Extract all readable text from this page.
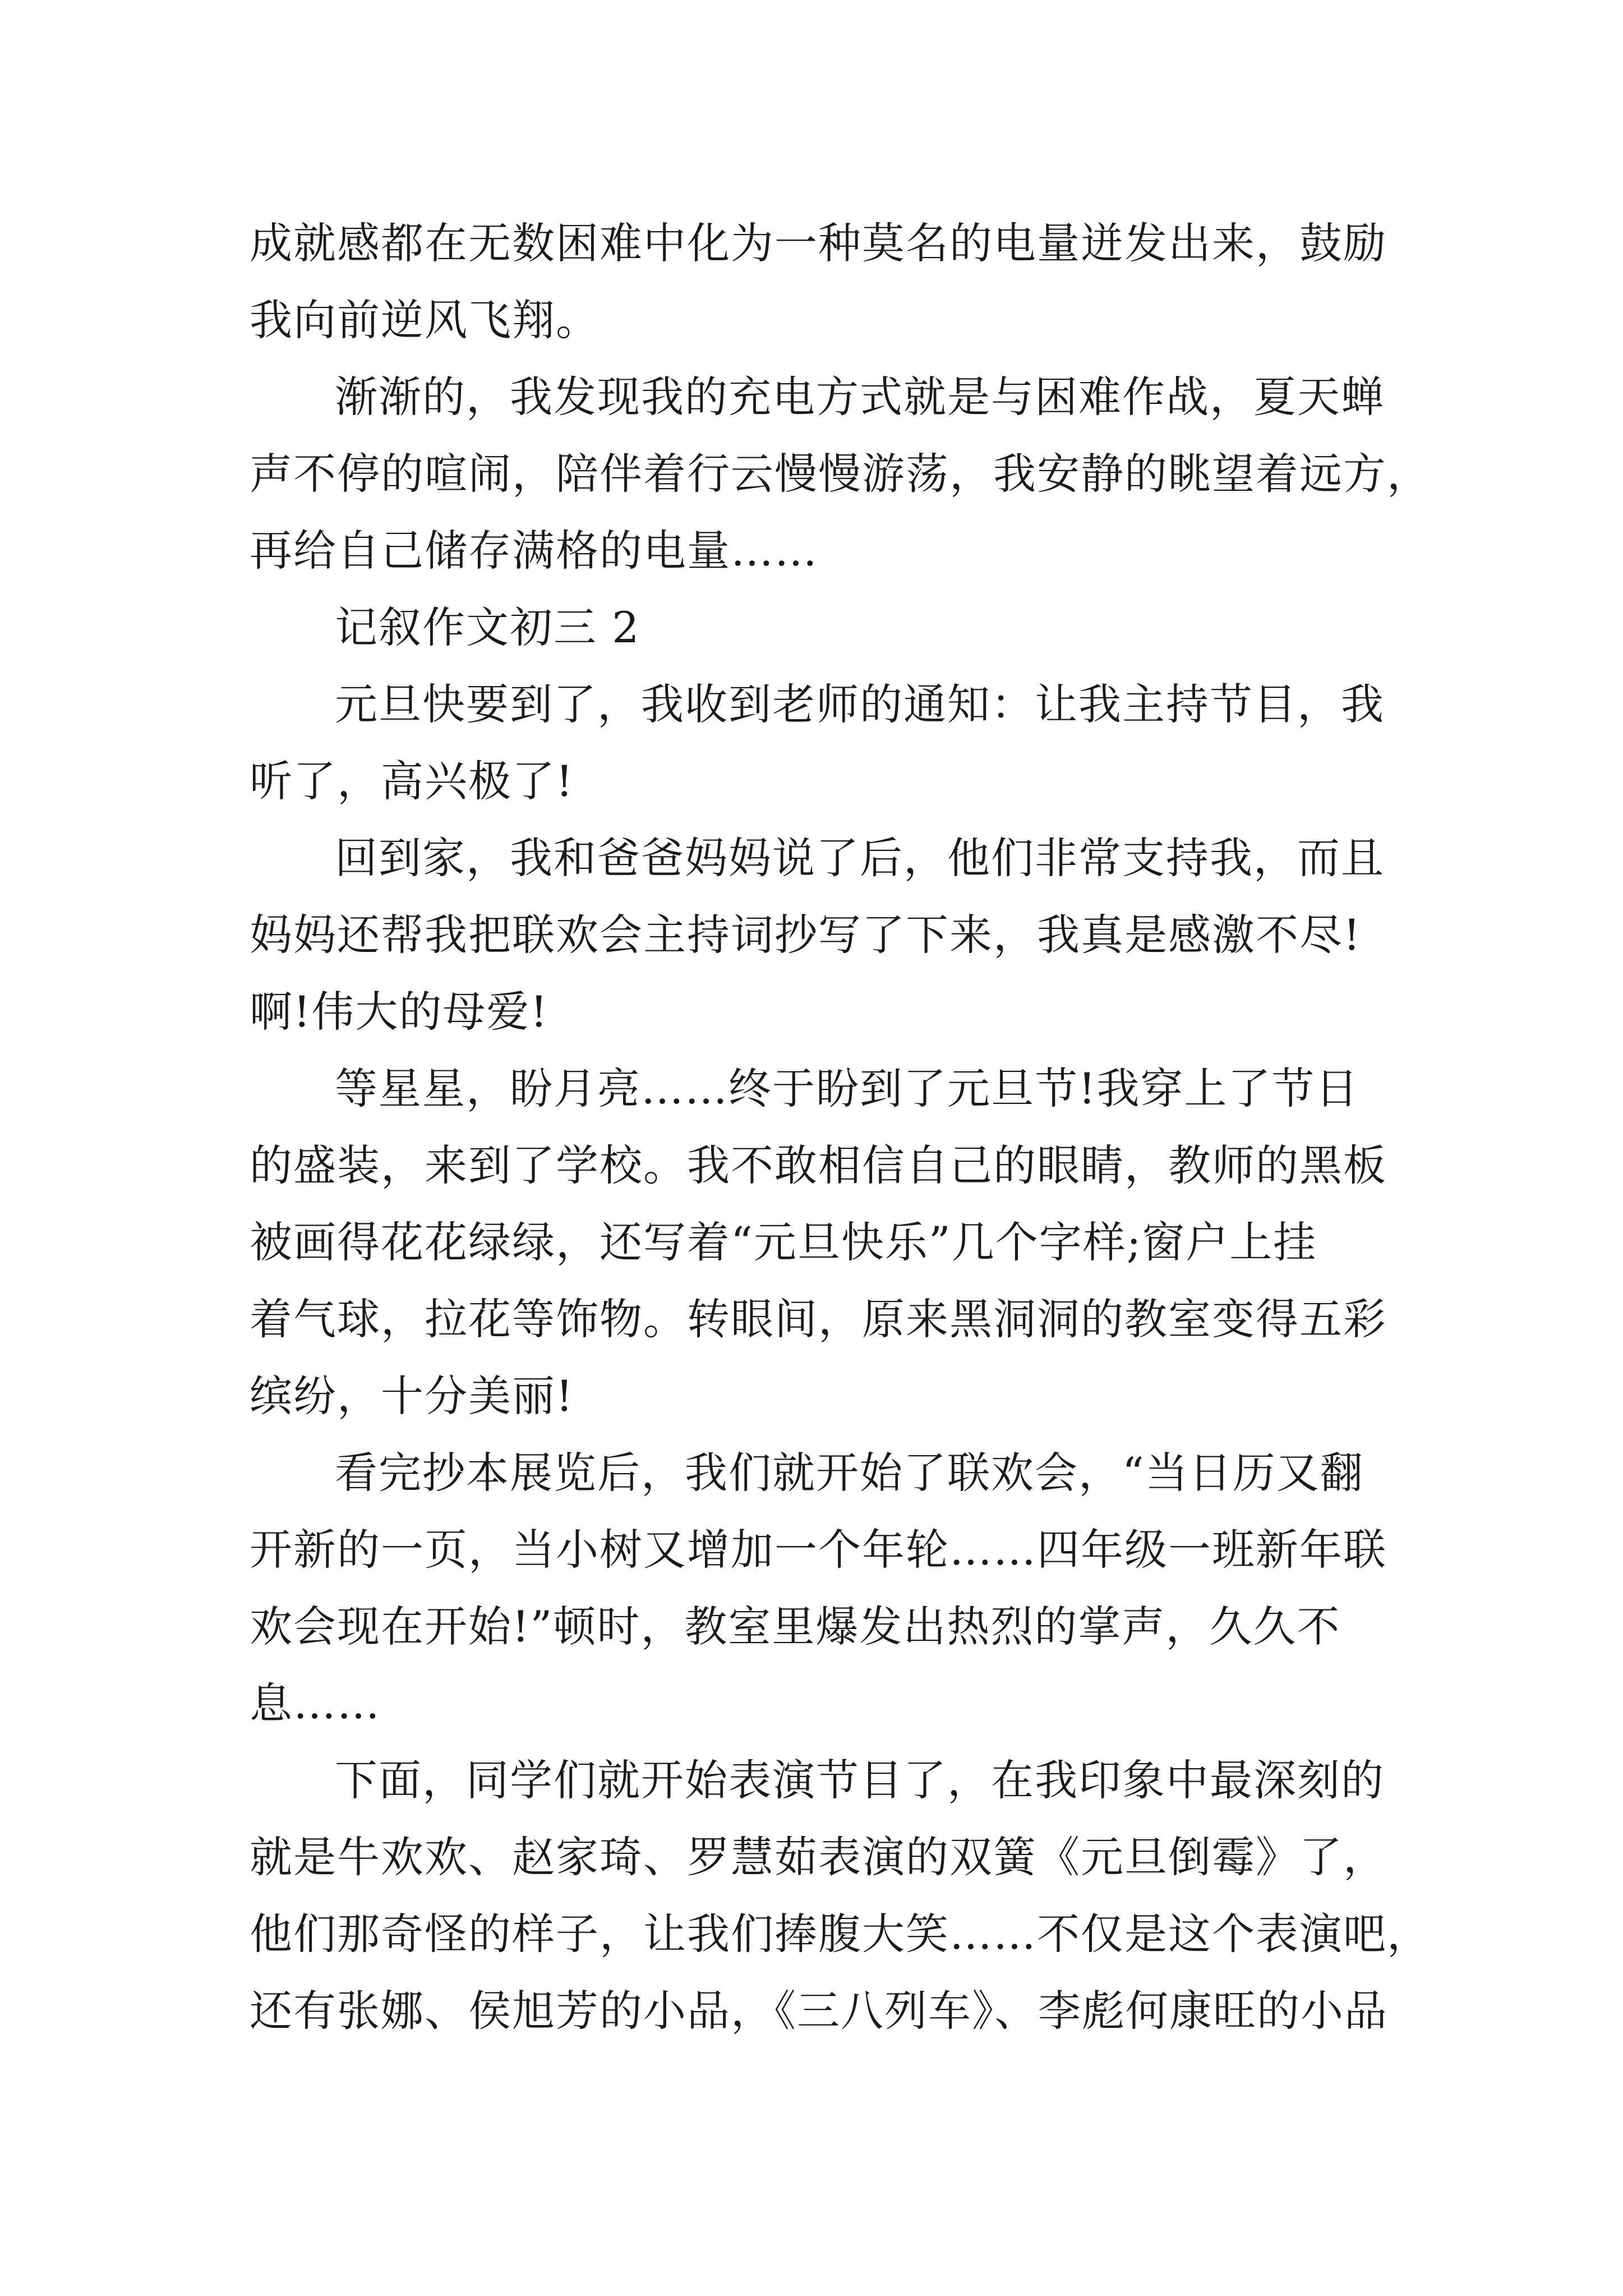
成就感都在无数困难中化为一种莫名的电量迸发出来，鼓励
我向前逆风飞翔。
渐渐的，我发现我的充电方式就是与困难作战，夏天蝉
声不停的喧闹，陪伴着行云慢慢游荡，我安静的眺望着远方，
再给自己储存满格的电量……
记叙作文初三 2
元旦快要到了，我收到老师的通知：让我主持节目，我
听了，高兴极了!
回到家，我和爸爸妈妈说了后，他们非常支持我，而且
妈妈还帮我把联欢会主持词抄写了下来，我真是感激不尽!
啊!伟大的母爱!
等星星，盼月亮……终于盼到了元旦节!我穿上了节日
的盛装，来到了学校。我不敢相信自己的眼睛，教师的黑板
被画得花花绿绿，还写着“元旦快乐”几个字样;窗户上挂
着气球，拉花等饰物。转眼间，原来黑洞洞的教室变得五彩
缤纷，十分美丽!
看完抄本展览后，我们就开始了联欢会，“当日历又翻
开新的一页，当小树又增加一个年轮……四年级一班新年联
欢会现在开始!”顿时，教室里爆发出热烈的掌声，久久不
息……
下面，同学们就开始表演节目了，在我印象中最深刻的
就是牛欢欢、赵家琦、罗慧茹表演的双簧《元旦倒霉》了，
他们那奇怪的样子，让我们捧腹大笑……不仅是这个表演吧，
还有张娜、侯旭芳的小品，《三八列车》、李彪何康旺的小品
